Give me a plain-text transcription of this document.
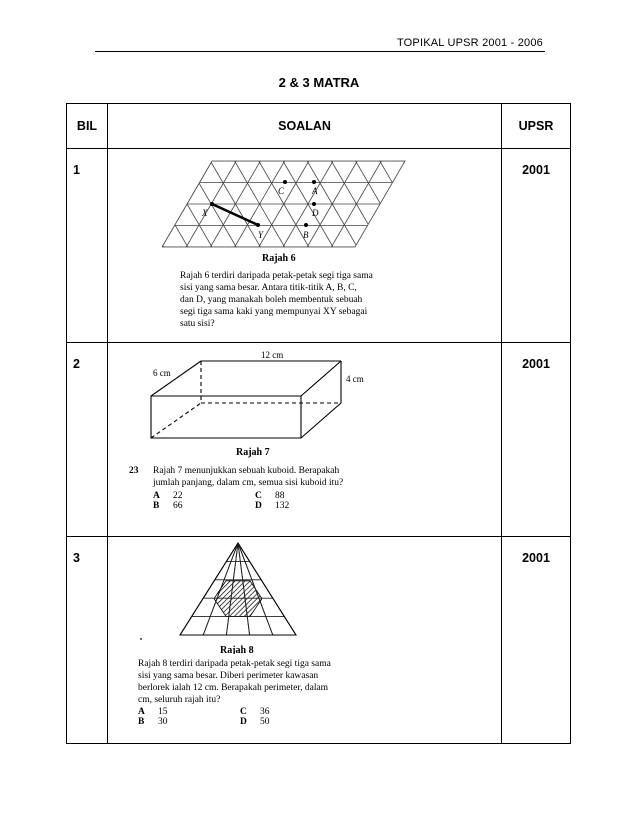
TOPIKAL UPSR 2001 - 2006
2 & 3 MATRA
BIL	SOALAN	UPSR

1

C	A
X	D
Y	B
Rajah 6
Rajah 6 terdiri daripada petak-petak segi tiga sama
sisi yang sama besar. Antara titik-titik A, B, C,
dan D, yang manakah boleh membentuk sebuah
segi tiga sama kaki yang mempunyai XY sebagai
satu sisi?

2001

2

12 cm
6 cm
4 cm
Rajah 7
23 Rajah 7 menunjukkan sebuah kuboid. Berapakah
jumlah panjang, dalam cm, semua sisi kuboid itu?
A	22	C	88
B	66	D	132

2001

3

Rajah 8
Rajah 8 terdiri daripada petak-petak segi tiga sama
sisi yang sama besar. Diberi perimeter kawasan
berlorek ialah 12 cm. Berapakah perimeter, dalam
cm, seluruh rajah itu?
A	15	C	36
B	30	D	50

2001
